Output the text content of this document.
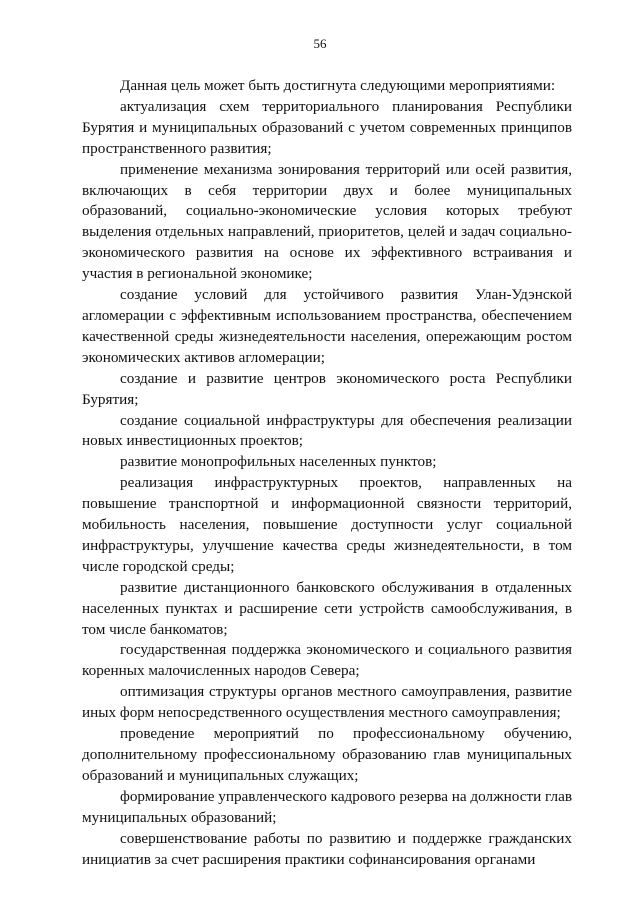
56

Данная цель может быть достигнута следующими мероприятиями:

актуализация схем территориального планирования Республики Бурятия и муниципальных образований с учетом современных принципов пространственного развития;

применение механизма зонирования территорий или осей развития, включающих в себя территории двух и более муниципальных образований, социально-экономические условия которых требуют выделения отдельных направлений, приоритетов, целей и задач социально-экономического развития на основе их эффективного встраивания и участия в региональной экономике;

создание условий для устойчивого развития Улан-Удэнской агломерации с эффективным использованием пространства, обеспечением качественной среды жизнедеятельности населения, опережающим ростом экономических активов агломерации;

создание и развитие центров экономического роста Республики Бурятия;

создание социальной инфраструктуры для обеспечения реализации новых инвестиционных проектов;

развитие монопрофильных населенных пунктов;

реализация инфраструктурных проектов, направленных на повышение транспортной и информационной связности территорий, мобильность населения, повышение доступности услуг социальной инфраструктуры, улучшение качества среды жизнедеятельности, в том числе городской среды;

развитие дистанционного банковского обслуживания в отдаленных населенных пунктах и расширение сети устройств самообслуживания, в том числе банкоматов;

государственная поддержка экономического и социального развития коренных малочисленных народов Севера;

оптимизация структуры органов местного самоуправления, развитие иных форм непосредственного осуществления местного самоуправления;

проведение мероприятий по профессиональному обучению, дополнительному профессиональному образованию глав муниципальных образований и муниципальных служащих;

формирование управленческого кадрового резерва на должности глав муниципальных образований;

совершенствование работы по развитию и поддержке гражданских инициатив за счет расширения практики софинансирования органами
